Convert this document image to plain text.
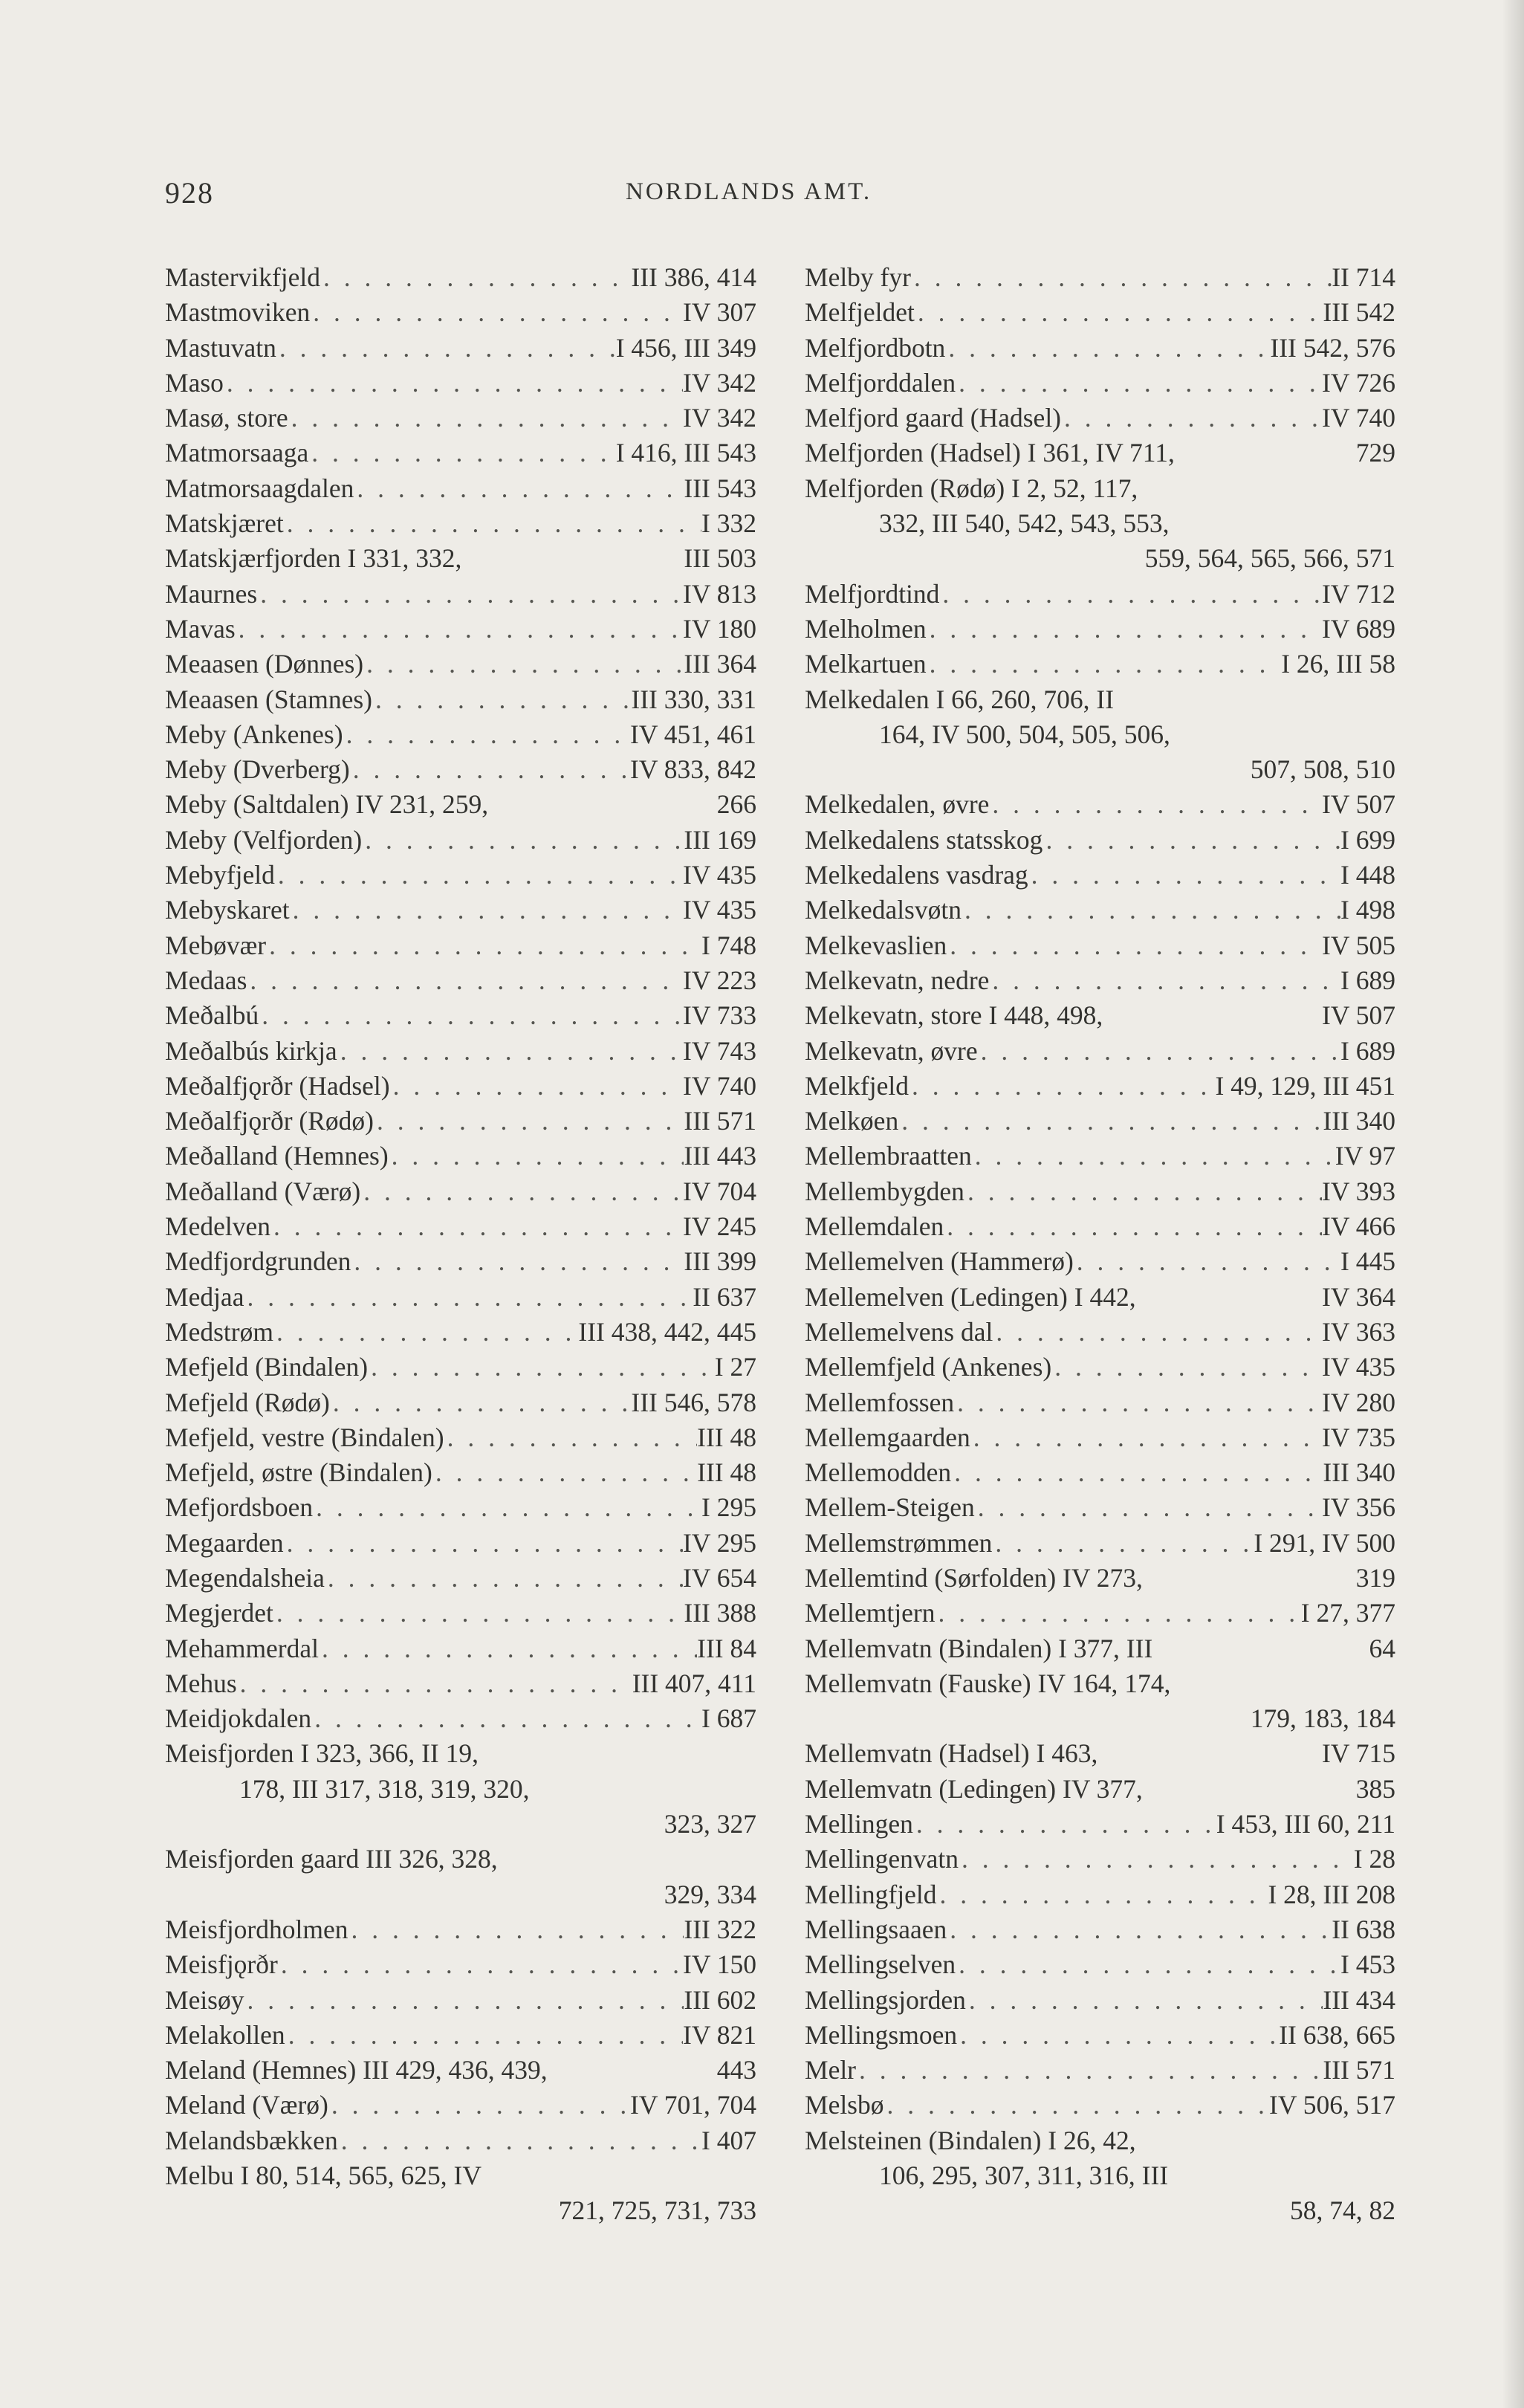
928	NORDLANDS AMT.
Mastervikfjeld . . .	III 386, 414
Mastmoviken . . .	IV 307
Mastuvatn . . .	I 456, III 349
Maso . . .	IV 342
Masø, store . . .	IV 342
Matmorsaaga . . .	I 416, III 543
Matmorsaagdalen . . .	III 543
Matskjæret . . .	I 332
Matskjærfjorden I 331, 332,	III 503
Maurnes . . .	IV 813
Mavas . . .	IV 180
Meaasen (Dønnes) . . .	III 364
Meaasen (Stamnes) . . .	III 330, 331
Meby (Ankenes) . . .	IV 451, 461
Meby (Dverberg) . . .	IV 833, 842
Meby (Saltdalen) IV 231, 259,	266
Meby (Velfjorden) . . .	III 169
Mebyfjeld . . .	IV 435
Mebyskaret . . .	IV 435
Mebøvær . . .	I 748
Medaas . . .	IV 223
Meðalbú . . .	IV 733
Meðalbús kirkja . . .	IV 743
Meðalfjǫrðr (Hadsel) . . .	IV 740
Meðalfjǫrðr (Rødø) . . .	III 571
Meðalland (Hemnes) . . .	III 443
Meðalland (Værø) . . .	IV 704
Medelven . . .	IV 245
Medfjordgrunden . . .	III 399
Medjaa . . .	II 637
Medstrøm . . .	III 438, 442, 445
Mefjeld (Bindalen) . . .	I 27
Mefjeld (Rødø) . . .	III 546, 578
Mefjeld, vestre (Bindalen) . . .	III 48
Mefjeld, østre (Bindalen) . . .	III 48
Mefjordsboen . . .	I 295
Megaarden . . .	IV 295
Megendalsheia . . .	IV 654
Megjerdet . . .	III 388
Mehammerdal . . .	III 84
Mehus . . .	III 407, 411
Meidjokdalen . . .	I 687
Meisfjorden I 323, 366, II 19,
178, III 317, 318, 319, 320,
323, 327
Meisfjorden gaard III 326, 328,
329, 334
Meisfjordholmen . . .	III 322
Meisfjǫrðr . . .	IV 150
Meisøy . . .	III 602
Melakollen . . .	IV 821
Meland (Hemnes) III 429, 436, 439,	443
Meland (Værø) . . .	IV 701, 704
Melandsbækken . . .	I 407
Melbu I 80, 514, 565, 625, IV
721, 725, 731, 733
Melby fyr . . .	II 714
Melfjeldet . . .	III 542
Melfjordbotn . . .	III 542, 576
Melfjorddalen . . .	IV 726
Melfjord gaard (Hadsel) . . .	IV 740
Melfjorden (Hadsel) I 361, IV 711,	729
Melfjorden (Rødø) I 2, 52, 117,
332, III 540, 542, 543, 553,
559, 564, 565, 566, 571
Melfjordtind . . .	IV 712
Melholmen . . .	IV 689
Melkartuen . . .	I 26, III 58
Melkedalen I 66, 260, 706, II
164, IV 500, 504, 505, 506,
507, 508, 510
Melkedalen, øvre . . .	IV 507
Melkedalens statsskog . . .	I 699
Melkedalens vasdrag . . .	I 448
Melkedalsvøtn . . .	I 498
Melkevaslien . . .	IV 505
Melkevatn, nedre . . .	I 689
Melkevatn, store I 448, 498,	IV 507
Melkevatn, øvre . . .	I 689
Melkfjeld . . .	I 49, 129, III 451
Melkøen . . .	III 340
Mellembraatten . . .	IV 97
Mellembygden . . .	IV 393
Mellemdalen . . .	IV 466
Mellemelven (Hammerø) . . .	I 445
Mellemelven (Ledingen) I 442,	IV 364
Mellemelvens dal . . .	IV 363
Mellemfjeld (Ankenes) . . .	IV 435
Mellemfossen . . .	IV 280
Mellemgaarden . . .	IV 735
Mellemodden . . .	III 340
Mellem-Steigen . . .	IV 356
Mellemstrømmen . . .	I 291, IV 500
Mellemtind (Sørfolden) IV 273,	319
Mellemtjern . . .	I 27, 377
Mellemvatn (Bindalen) I 377, III	64
Mellemvatn (Fauske) IV 164, 174,
179, 183, 184
Mellemvatn (Hadsel) I 463,	IV 715
Mellemvatn (Ledingen) IV 377,	385
Mellingen . . .	I 453, III 60, 211
Mellingenvatn . . .	I 28
Mellingfjeld . . .	I 28, III 208
Mellingsaaen . . .	II 638
Mellingselven . . .	I 453
Mellingsjorden . . .	III 434
Mellingsmoen . . .	II 638, 665
Melr . . .	III 571
Melsbø . . .	IV 506, 517
Melsteinen (Bindalen) I 26, 42,
106, 295, 307, 311, 316, III
58, 74, 82
